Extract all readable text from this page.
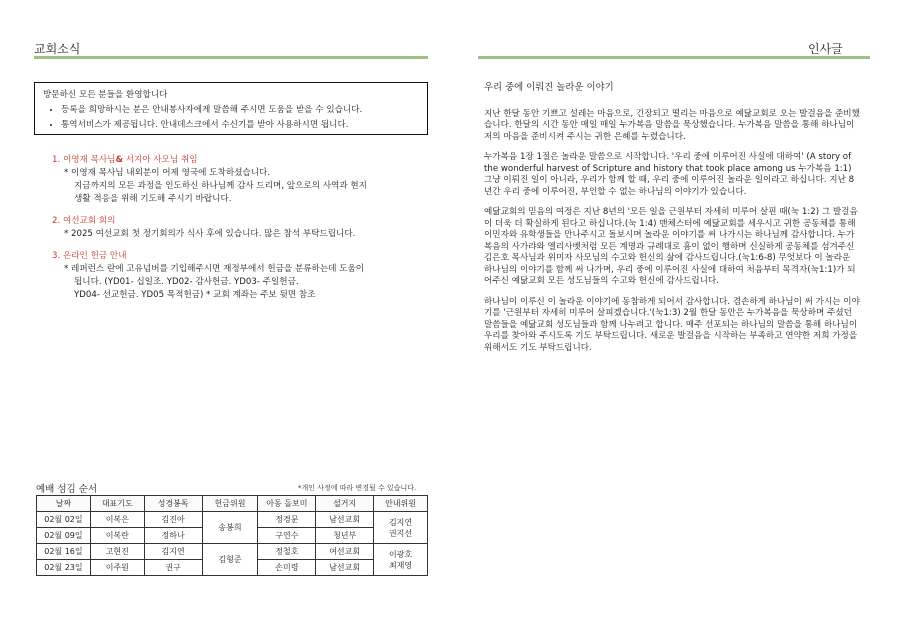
교회소식
방문하신 모든 분들을 환영합니다
• 등록을 희망하시는 분은 안내봉사자에게 말씀해 주시면 도움을 받을 수 있습니다.
• 통역서비스가 제공됩니다. 안내데스크에서 수신기를 받아 사용하시면 됩니다.
1. 이영재 목사님& 서지아 사모님 취임
* 이영재 목사님 내외분이 어제 영국에 도착하셨습니다.
지금까지의 모든 과정을 인도하신 하나님께 감사 드리며, 앞으로의 사역과 현지
생활 적응을 위해 기도해 주시기 바랍니다.
2. 여선교회 회의
* 2025 여선교회 첫 정기회의가 식사 후에 있습니다. 많은 참석 부탁드립니다.
3. 온라인 헌금 안내
* 레퍼런스 란에 고유넘버를 기입해주시면 재정부에서 헌금을 분류하는데 도움이
됩니다. (YD01- 십일조. YD02- 감사헌금. YD03- 주일헌금.
YD04- 선교헌금. YD05 목적헌금) * 교회 계좌는 주보 뒷면 참조
예배 섬김 순서	*개인 사정에 따라 변경될 수 있습니다.
날짜	대표기도	성경봉독	헌금위원	아동 돌보미	설거지	안내위원
02월 02일	이복은	김진아	송봉희	정경문	남선교회	김지연
권지선
02월 09일	이복란	정하나		구연수	청년부	
02월 16일	고현진	김지연	김형준	정철호	여선교회	이광호
최재영
02월 23일	이주원	권구		손미령	남선교회	
인사글
우리 중에 이뤄진 놀라운 이야기

지난 한달 동안 기쁘고 설레는 마음으로, 긴장되고 떨리는 마음으로 예닮교회로 오는 발걸음을 준비했습니다. 한달의 시간 동안 매일 매일 누가복음 말씀을 묵상했습니다. 누가복음 말씀을 통해 하나님이 저의 마음을 준비시켜 주시는 귀한 은혜를 누렸습니다.

누가복음 1장 1절은 놀라운 말씀으로 시작합니다. '우리 중에 이루어진 사실에 대하여' (A story of the wonderful harvest of Scripture and history that took place among us 누가복음 1:1) 그냥 이뤄진 일이 아니라, 우리가 함께 할 때, 우리 중에 이루어진 놀라운 일이라고 하십니다. 지난 8년간 우리 중에 이루어진, 부인할 수 없는 하나님의 이야기가 있습니다.

예닮교회의 믿음의 여정은 지난 8년의 '모든 일을 근원부터 자세히 미루어 살핀 때(눅 1:2) 그 발걸음이 더욱 더 확실하게 된다고 하십니다.(눅 1:4) 맨체스터에 예닮교회를 세우시고 귀한 공동체를 통해 이민자와 유학생들을 만나주시고 돌보시며 놀라운 이야기를 써 나가시는 하나님께 감사합니다. 누가복음의 사가랴와 엘리사벳처럼 모든 계명과 규례대로 흠이 없이 행하며 신실하게 공동체를 섬겨주신 김은호 목사님과 위미자 사모님의 수고와 헌신의 삶에 감사드립니다.(눅1:6-8) 무엇보다 이 놀라운 하나님의 이야기를 함께 써 나가며, 우리 중에 이루어진 사실에 대하여 처음부터 목격자(눅1:1)가 되어주신 예닮교회 모든 성도님들의 수고와 헌신에 감사드립니다.

하나님이 이루신 이 놀라운 이야기에 동참하게 되어서 감사합니다. 겸손하게 하나님이 써 가시는 이야기를 '근원부터 자세히 미루어 살피겠습니다.'(눅1:3) 2월 한달 동안은 누가복음을 묵상하며 주셨던 말씀들을 예닮교회 성도님들과 함께 나누려고 합니다. 매주 선포되는 하나님의 말씀을 통해 하나님이 우리를 찾아와 주시도록 기도 부탁드립니다. 새로운 발걸음을 시작하는 부족하고 연약한 저희 가정을 위해서도 기도 부탁드립니다.
